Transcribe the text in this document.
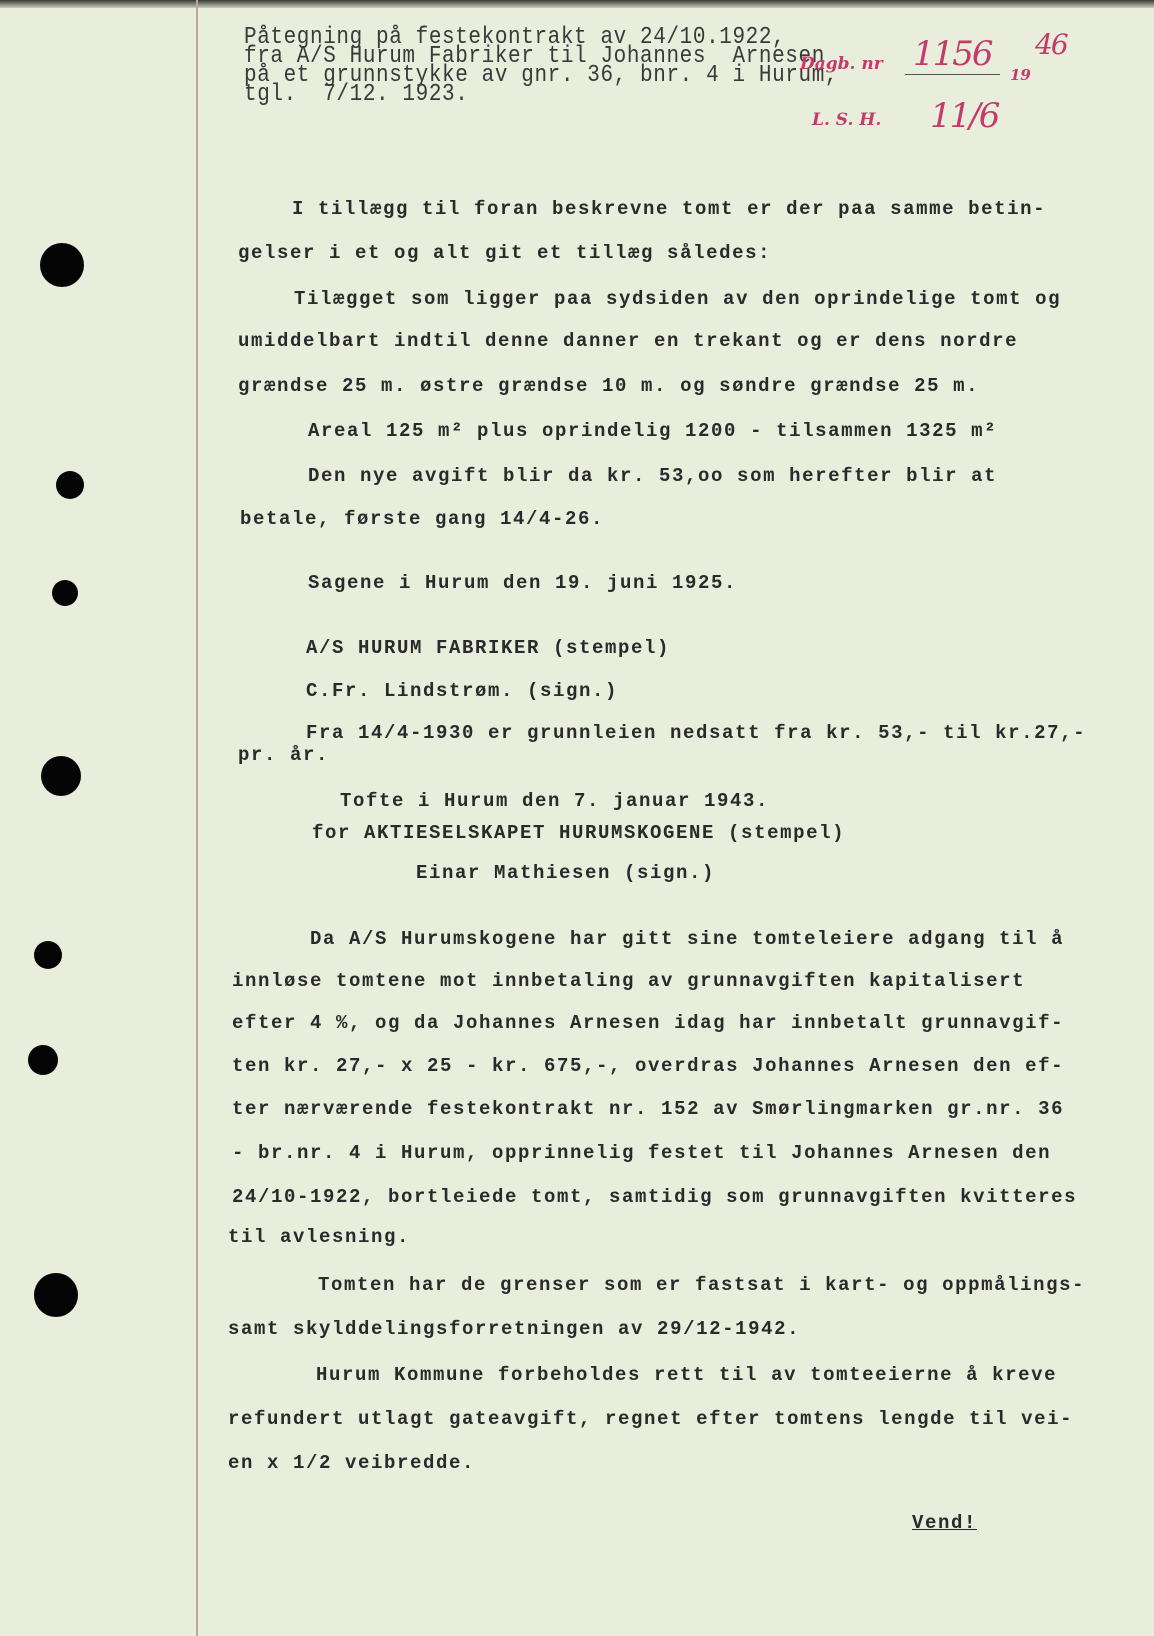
Påtegning på festekontrakt av 24/10.1922,
fra A/S Hurum Fabriker til Johannes  Arnesen
på et grunnstykke av gnr. 36, bnr. 4 i Hurum,
tgl.  7/12. 1923.
Dagb. nr 1156
19
46
L. S. H. 11/6
I tillægg til foran beskrevne tomt er der paa samme betin-
gelser i et og alt git et tillæg således:
Tilægget som ligger paa sydsiden av den oprindelige tomt og
umiddelbart indtil denne danner en trekant og er dens nordre
grændse 25 m. østre grændse 10 m. og søndre grændse 25 m.
Areal 125 m² plus oprindelig 1200 - tilsammen 1325 m²
Den nye avgift blir da kr. 53,oo som herefter blir at
betale, første gang 14/4-26.
Sagene i Hurum den 19. juni 1925.
A/S HURUM FABRIKER (stempel)
C.Fr. Lindstrøm. (sign.)
Fra 14/4-1930 er grunnleien nedsatt fra kr. 53,- til kr.27,-
pr. år.
Tofte i Hurum den 7. januar 1943.
for AKTIESELSKAPET HURUMSKOGENE (stempel)
Einar Mathiesen (sign.)
Da A/S Hurumskogene har gitt sine tomteleiere adgang til å
innløse tomtene mot innbetaling av grunnavgiften kapitalisert
efter 4 %, og da Johannes Arnesen idag har innbetalt grunnavgif-
ten kr. 27,- x 25 - kr. 675,-, overdras Johannes Arnesen den ef-
ter nærværende festekontrakt nr. 152 av Smørlingmarken gr.nr. 36
- br.nr. 4 i Hurum, opprinnelig festet til Johannes Arnesen den
24/10-1922, bortleiede tomt, samtidig som grunnavgiften kvitteres
til avlesning.
Tomten har de grenser som er fastsat i kart- og oppmålings-
samt skylddelingsforretningen av 29/12-1942.
Hurum Kommune forbeholdes rett til av tomteeierne å kreve
refundert utlagt gateavgift, regnet efter tomtens lengde til vei-
en x 1/2 veibredde.
Vend!
